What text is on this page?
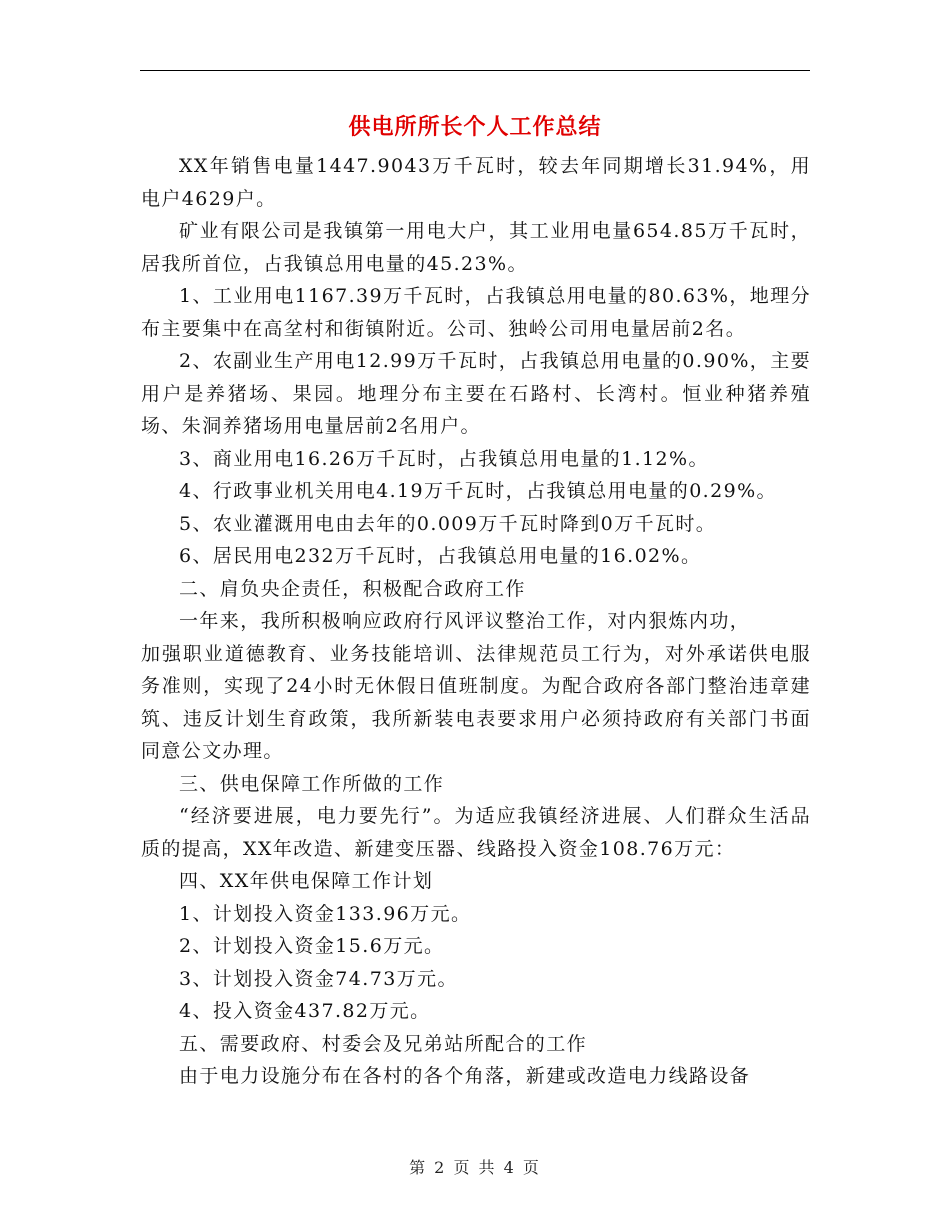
供电所所长个人工作总结

XX年销售电量1447.9043万千瓦时，较去年同期增长31.94%，用电户4629户。

矿业有限公司是我镇第一用电大户，其工业用电量654.85万千瓦时，居我所首位，占我镇总用电量的45.23%。

1、工业用电1167.39万千瓦时，占我镇总用电量的80.63%，地理分布主要集中在高坌村和街镇附近。公司、独岭公司用电量居前2名。

2、农副业生产用电12.99万千瓦时，占我镇总用电量的0.90%，主要用户是养猪场、果园。地理分布主要在石路村、长湾村。恒业种猪养殖场、朱洞养猪场用电量居前2名用户。

3、商业用电16.26万千瓦时，占我镇总用电量的1.12%。

4、行政事业机关用电4.19万千瓦时，占我镇总用电量的0.29%。

5、农业灌溉用电由去年的0.009万千瓦时降到0万千瓦时。

6、居民用电232万千瓦时，占我镇总用电量的16.02%。

二、肩负央企责任，积极配合政府工作

一年来，我所积极响应政府行风评议整治工作，对内狠炼内功，

加强职业道德教育、业务技能培训、法律规范员工行为，对外承诺供电服务准则，实现了24小时无休假日值班制度。为配合政府各部门整治违章建筑、违反计划生育政策，我所新装电表要求用户必须持政府有关部门书面同意公文办理。

三、供电保障工作所做的工作

“经济要进展，电力要先行”。为适应我镇经济进展、人们群众生活品质的提高，XX年改造、新建变压器、线路投入资金108.76万元：

四、XX年供电保障工作计划

1、计划投入资金133.96万元。

2、计划投入资金15.6万元。

3、计划投入资金74.73万元。

4、投入资金437.82万元。

五、需要政府、村委会及兄弟站所配合的工作

由于电力设施分布在各村的各个角落，新建或改造电力线路设备

第 2 页 共 4 页
